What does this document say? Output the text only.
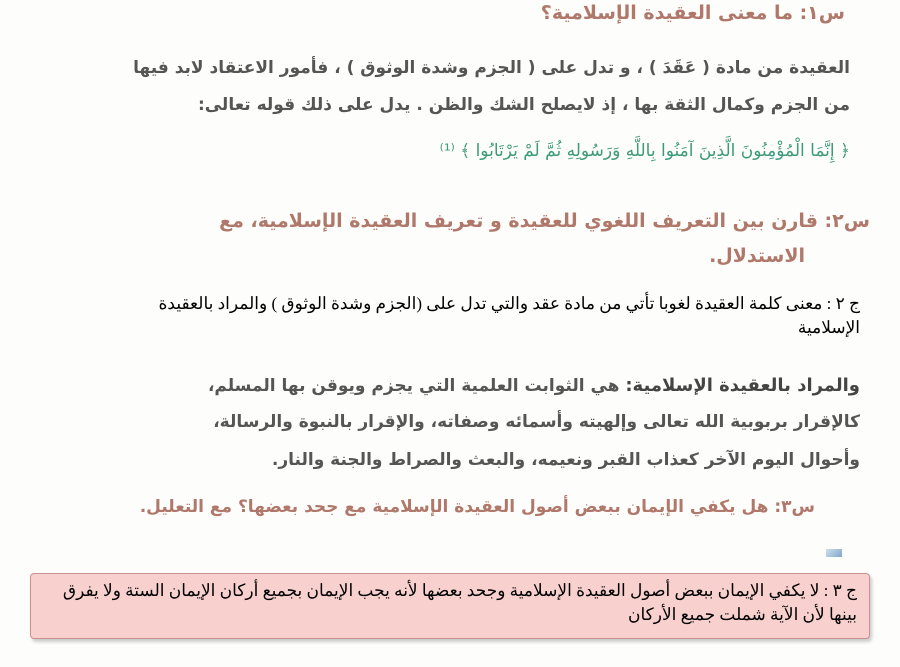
س١: ما معنى العقيدة الإسلامية؟
العقيدة من مادة ( عَقَدَ ) ، و تدل على ( الجزم وشدة الوثوق ) ، فأمور الاعتقاد لابد فيها
من الجزم وكمال الثقة بها ، إذ لايصلح الشك والظن . يدل على ذلك قوله تعالى:
﴿ إِنَّمَا الْمُؤْمِنُونَ الَّذِينَ آمَنُوا بِاللَّهِ وَرَسُولِهِ ثُمَّ لَمْ يَرْتَابُوا ﴾ ⁽¹⁾
س٢: قارن بين التعريف اللغوي للعقيدة و تعريف العقيدة الإسلامية، مع
الاستدلال.
ج ٢ : معنى كلمة العقيدة لغوبا تأتي من مادة عقد والتي تدل على (الجزم وشدة الوثوق ) والمراد بالعقيدة الإسلامية
والمراد بالعقيدة الإسلامية: هي الثوابت العلمية التي يجزم ويوقن بها المسلم،
كالإقرار بربوبية الله تعالى وإلهيته وأسمائه وصفاته، والإقرار بالنبوة والرسالة،
وأحوال اليوم الآخر كعذاب القبر ونعيمه، والبعث والصراط والجنة والنار.
س٣: هل يكفي الإيمان ببعض أصول العقيدة الإسلامية مع جحد بعضها؟ مع التعليل.
ج ٣ : لا يكفي الإيمان ببعض أصول العقيدة الإسلامية وجحد بعضها لأنه يجب الإيمان بجميع أركان الإيمان الستة ولا يفرق بينها لأن الآية شملت جميع الأركان
